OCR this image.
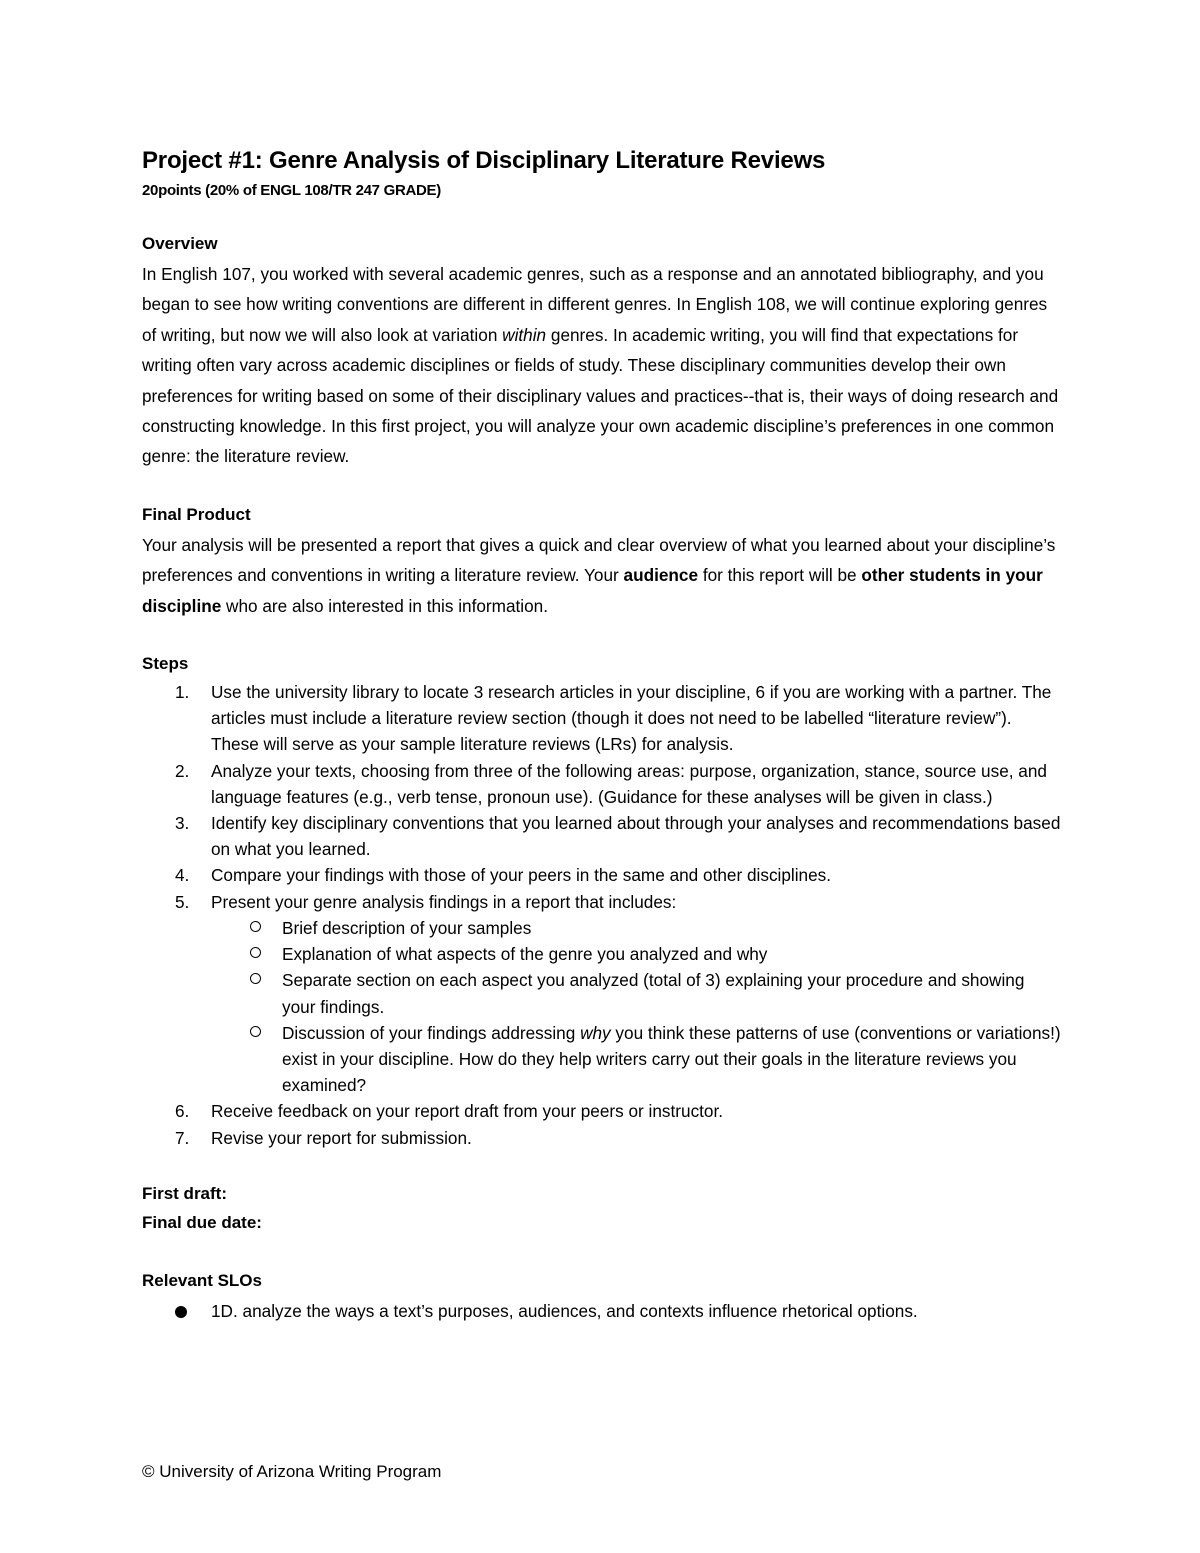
Project #1: Genre Analysis of Disciplinary Literature Reviews
20points (20% of ENGL 108/TR 247 GRADE)
Overview

In English 107, you worked with several academic genres, such as a response and an annotated bibliography, and you began to see how writing conventions are different in different genres. In English 108, we will continue exploring genres of writing, but now we will also look at variation within genres. In academic writing, you will find that expectations for writing often vary across academic disciplines or fields of study. These disciplinary communities develop their own preferences for writing based on some of their disciplinary values and practices--that is, their ways of doing research and constructing knowledge. In this first project, you will analyze your own academic discipline’s preferences in one common genre: the literature review.

Final Product

Your analysis will be presented a report that gives a quick and clear overview of what you learned about your discipline’s preferences and conventions in writing a literature review. Your audience for this report will be other students in your discipline who are also interested in this information.

Steps
1. Use the university library to locate 3 research articles in your discipline, 6 if you are working with a partner. The articles must include a literature review section (though it does not need to be labelled “literature review”). These will serve as your sample literature reviews (LRs) for analysis.
2. Analyze your texts, choosing from three of the following areas: purpose, organization, stance, source use, and language features (e.g., verb tense, pronoun use). (Guidance for these analyses will be given in class.)
3. Identify key disciplinary conventions that you learned about through your analyses and recommendations based on what you learned.
4. Compare your findings with those of your peers in the same and other disciplines.
5. Present your genre analysis findings in a report that includes:
Brief description of your samples
Explanation of what aspects of the genre you analyzed and why
Separate section on each aspect you analyzed (total of 3) explaining your procedure and showing your findings.
Discussion of your findings addressing why you think these patterns of use (conventions or variations!) exist in your discipline. How do they help writers carry out their goals in the literature reviews you examined?
6. Receive feedback on your report draft from your peers or instructor.
7. Revise your report for submission.
First draft:
Final due date:
Relevant SLOs
1D. analyze the ways a text’s purposes, audiences, and contexts influence rhetorical options.
© University of Arizona Writing Program
